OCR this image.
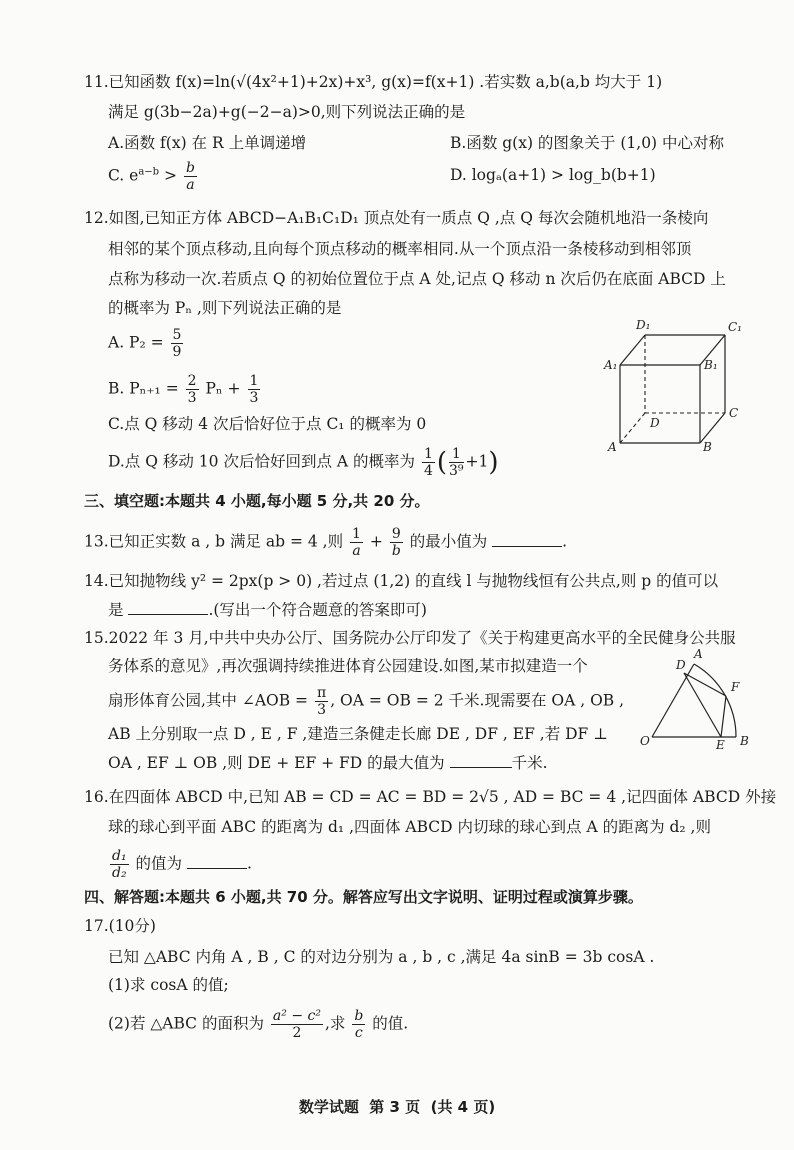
11.已知函数 f(x)=ln(√(4x²+1)+2x)+x³, g(x)=f(x+1) .若实数 a,b(a,b 均大于 1)
满足 g(3b−2a)+g(−2−a)>0,则下列说法正确的是
A.函数 f(x) 在 R 上单调递增	B.函数 g(x) 的图象关于 (1,0) 中心对称
C. $e^{a-b} > \frac{b}{a}$	D. logₐ(a+1) > log_b(b+1)
12.如图,已知正方体 ABCD−A₁B₁C₁D₁ 顶点处有一质点 Q ,点 Q 每次会随机地沿一条棱向
相邻的某个顶点移动,且向每个顶点移动的概率相同.从一个顶点沿一条棱移动到相邻顶
点称为移动一次.若质点 Q 的初始位置位于点 A 处,记点 Q 移动 n 次后仍在底面 ABCD 上
的概率为 Pₙ ,则下列说法正确的是
A. $P_2 = \frac{5}{9}$
B. $P_{n+1} = \frac{2}{3}$ $P_n + \frac{1}{3}$
C.点 Q 移动 4 次后恰好位于点 C₁ 的概率为 0
D.点 Q 移动 10 次后恰好回到点 A 的概率为 $\frac{1}{4}$ ( $\frac{1}{\text{3⁹}} +1$)
D₁	C₁
A₁	B₁
D
C
A	B
三、填空题:本题共 4 小题,每小题 5 分,共 20 分。
13.已知正实数 a , b 满足 ab = 4 ,则 $\frac{1}{a} + \frac{9}{b}$ 的最小值为	.
14.已知抛物线 y² = 2px(p > 0) ,若过点 (1,2) 的直线 l 与抛物线恒有公共点,则 p 的值可以
是	.(写出一个符合题意的答案即可)
15.2022 年 3 月,中共中央办公厅、国务院办公厅印发了《关于构建更高水平的全民健身公共服
务体系的意见》,再次强调持续推进体育公园建设.如图,某市拟建造一个
扇形体育公园,其中 ∠AOB = $\frac{\pi}{3}$ , OA = OB = 2 千米.现需要在 OA , OB ,
AB 上分别取一点 D , E , F ,建造三条健走长廊 DE , DF , EF ,若 DF ⊥
OA , EF ⊥ OB ,则 DE + EF + FD 的最大值为	千米.
D
A
F
O	E B
16.在四面体 ABCD 中,已知 AB = CD = AC = BD = 2√5 , AD = BC = 4 ,记四面体 ABCD 外接
球的球心到平面 ABC 的距离为 d₁ ,四面体 ABCD 内切球的球心到点 A 的距离为 d₂ ,则
$\frac{\text{d₁}}{\text{d₂}}$ 的值为	.
四、解答题:本题共 6 小题,共 70 分。解答应写出文字说明、证明过程或演算步骤。
17.(10分)
已知 △ABC 内角 A , B , C 的对边分别为 a , b , c ,满足 4a sinB = 3b cosA .
(1)求 cosA 的值;
(2)若 △ABC 的面积为 $\frac{\text{a² − c²}}{2}$ ,求 $\frac{b}{c}$ 的值.
数学试题  第 3 页  (共 4 页)
